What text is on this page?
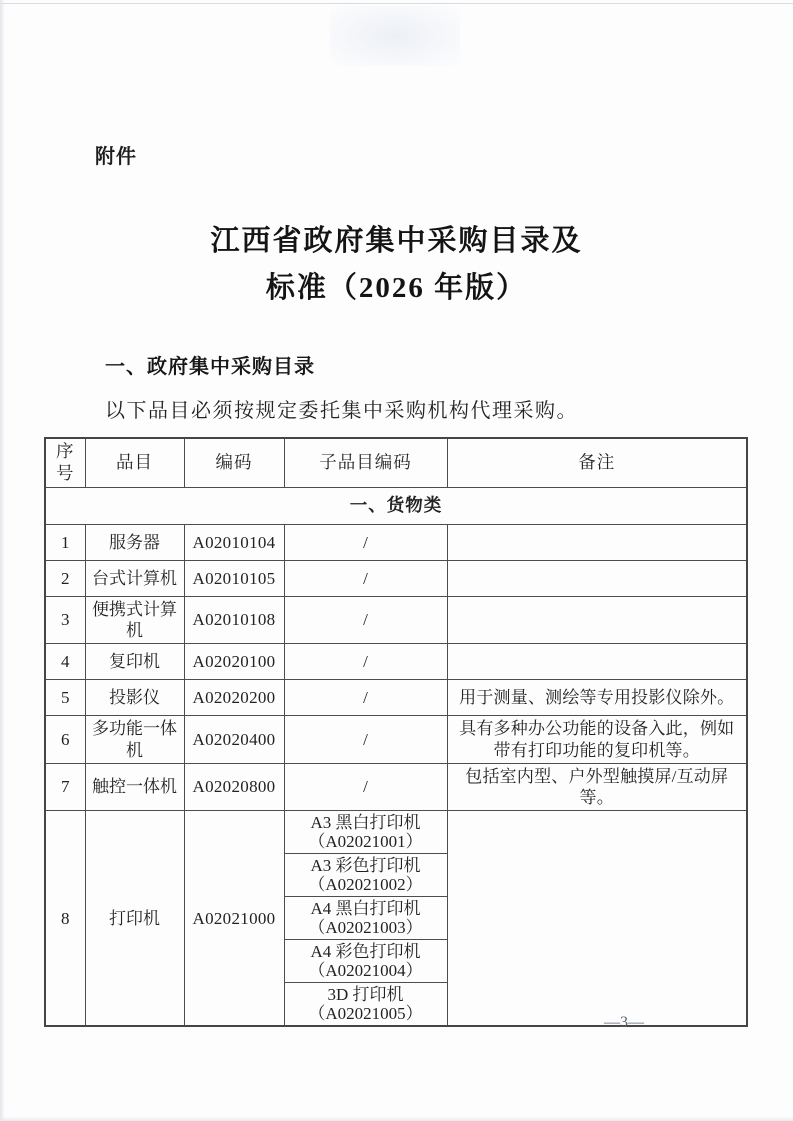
附件
江西省政府集中采购目录及
标准（2026 年版）
一、政府集中采购目录
以下品目必须按规定委托集中采购机构代理采购。
序号	品目	编码	子品目编码	备注
一、货物类				
1	服务器	A02010104	/	
2	台式计算机	A02010105	/	
3	便携式计算机	A02010108	/	
4	复印机	A02020100	/	
5	投影仪	A02020200	/	用于测量、测绘等专用投影仪除外。
6	多功能一体机	A02020400	/	具有多种办公功能的设备入此，例如带有打印功能的复印机等。
7	触控一体机	A02020800	/	包括室内型、户外型触摸屏/互动屏等。
8	打印机	A02021000	A3 黑白打印机
（A02021001）	

			A3 彩色打印机
（A02021002）	

			A4 黑白打印机
（A02021003）	

			A4 彩色打印机
（A02021004）	

			3D 打印机
（A02021005）		—3—
